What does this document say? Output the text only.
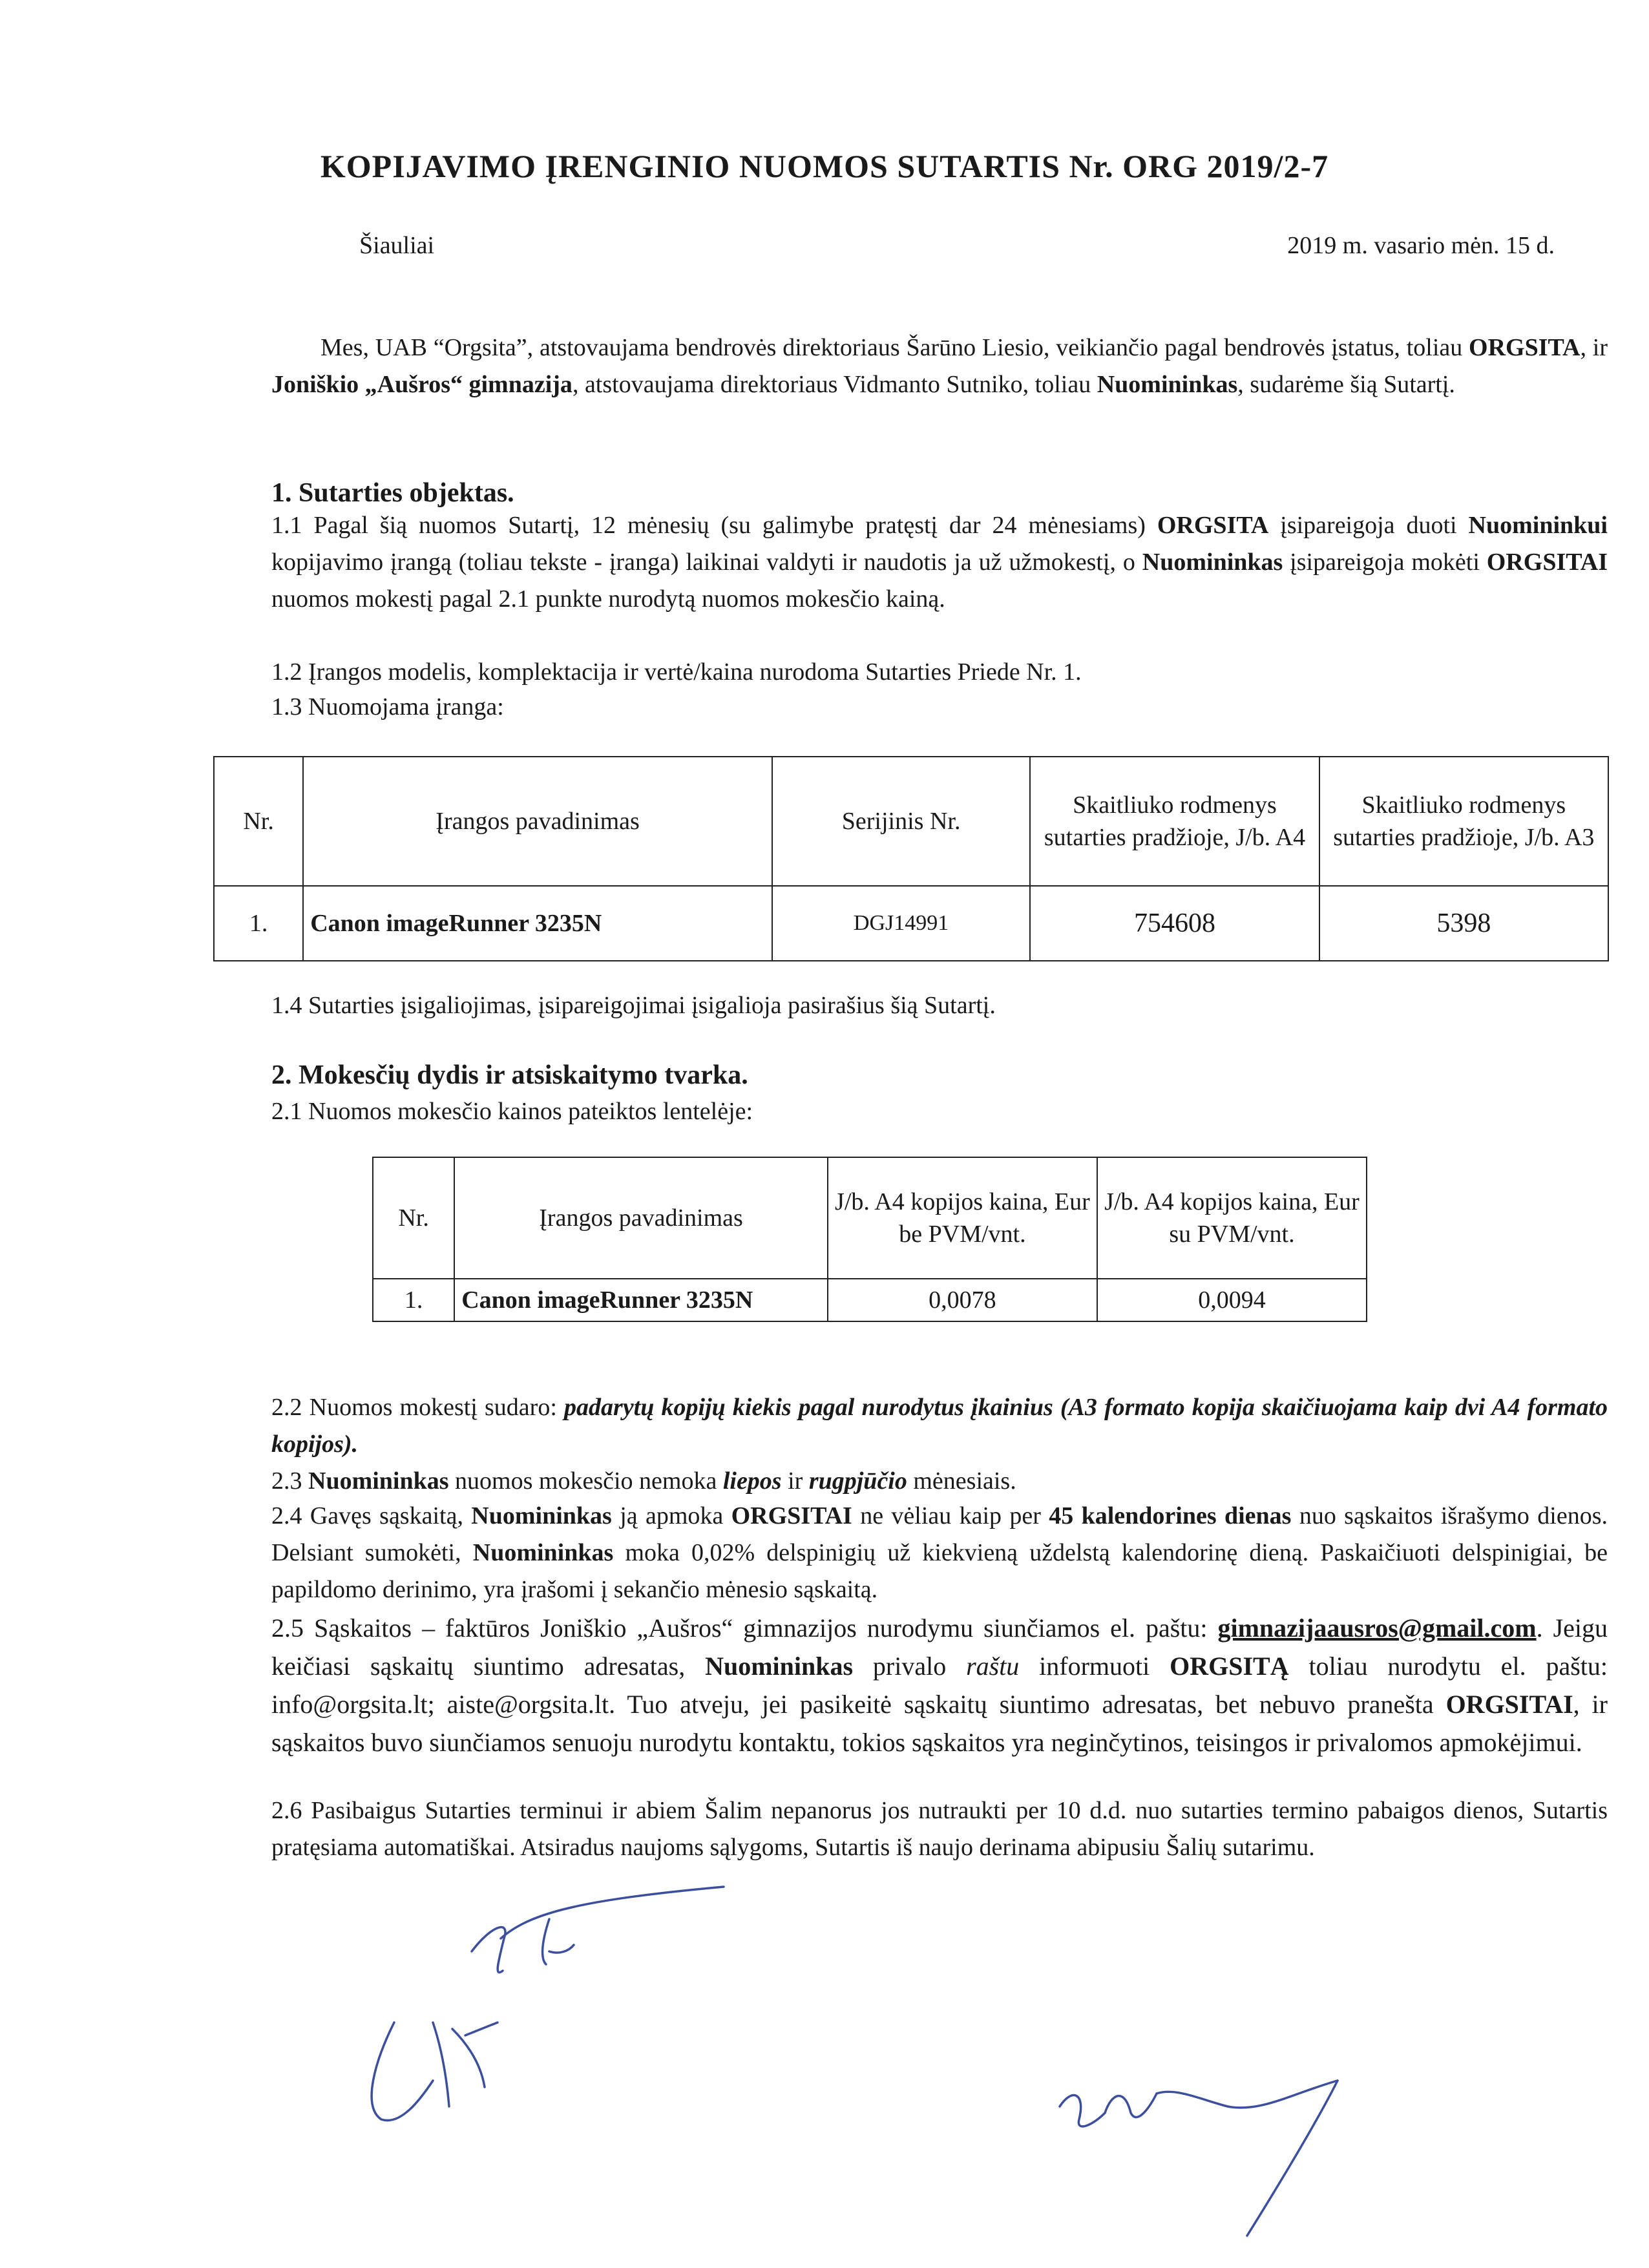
KOPIJAVIMO ĮRENGINIO NUOMOS SUTARTIS Nr. ORG 2019/2-7
Šiauliai	2019 m. vasario mėn. 15 d.
Mes, UAB “Orgsita”, atstovaujama bendrovės direktoriaus Šarūno Liesio, veikiančio pagal bendrovės įstatus, toliau ORGSITA, ir Joniškio „Aušros“ gimnazija, atstovaujama direktoriaus Vidmanto Sutniko, toliau Nuomininkas, sudarėme šią Sutartį.
1. Sutarties objektas.
1.1 Pagal šią nuomos Sutartį, 12 mėnesių (su galimybe pratęstį dar 24 mėnesiams) ORGSITA įsipareigoja duoti Nuomininkui kopijavimo įrangą (toliau tekste - įranga) laikinai valdyti ir naudotis ja už užmokestį, o Nuomininkas įsipareigoja mokėti ORGSITAI nuomos mokestį pagal 2.1 punkte nurodytą nuomos mokesčio kainą.
1.2 Įrangos modelis, komplektacija ir vertė/kaina nurodoma Sutarties Priede Nr. 1.
1.3 Nuomojama įranga:
Nr.	Įrangos pavadinimas	Serijinis Nr.	Skaitliuko rodmenys sutarties pradžioje, J/b. A4	Skaitliuko rodmenys sutarties pradžioje, J/b. A3
1.	Canon imageRunner 3235N	DGJ14991	754608	5398
1.4 Sutarties įsigaliojimas, įsipareigojimai įsigalioja pasirašius šią Sutartį.
2. Mokesčių dydis ir atsiskaitymo tvarka.
2.1 Nuomos mokesčio kainos pateiktos lentelėje:
Nr.	Įrangos pavadinimas	J/b. A4 kopijos kaina, Eur be PVM/vnt.	J/b. A4 kopijos kaina, Eur su PVM/vnt.
1.	Canon imageRunner 3235N	0,0078	0,0094
2.2 Nuomos mokestį sudaro: padarytų kopijų kiekis pagal nurodytus įkainius (A3 formato kopija skaičiuojama kaip dvi A4 formato kopijos).
2.3 Nuomininkas nuomos mokesčio nemoka liepos ir rugpjūčio mėnesiais.
2.4 Gavęs sąskaitą, Nuomininkas ją apmoka ORGSITAI ne vėliau kaip per 45 kalendorines dienas nuo sąskaitos išrašymo dienos. Delsiant sumokėti, Nuomininkas moka 0,02% delspinigių už kiekvieną uždelstą kalendorinę dieną. Paskaičiuoti delspinigiai, be papildomo derinimo, yra įrašomi į sekančio mėnesio sąskaitą.
2.5 Sąskaitos – faktūros Joniškio „Aušros“ gimnazijos nurodymu siunčiamos el. paštu: gimnazijaausros@gmail.com. Jeigu keičiasi sąskaitų siuntimo adresatas, Nuomininkas privalo raštu informuoti ORGSITĄ toliau nurodytu el. paštu: info@orgsita.lt; aiste@orgsita.lt. Tuo atveju, jei pasikeitė sąskaitų siuntimo adresatas, bet nebuvo pranešta ORGSITAI, ir sąskaitos buvo siunčiamos senuoju nurodytu kontaktu, tokios sąskaitos yra neginčytinos, teisingos ir privalomos apmokėjimui.
2.6 Pasibaigus Sutarties terminui ir abiem Šalim nepanorus jos nutraukti per 10 d.d. nuo sutarties termino pabaigos dienos, Sutartis pratęsiama automatiškai. Atsiradus naujoms sąlygoms, Sutartis iš naujo derinama abipusiu Šalių sutarimu.
